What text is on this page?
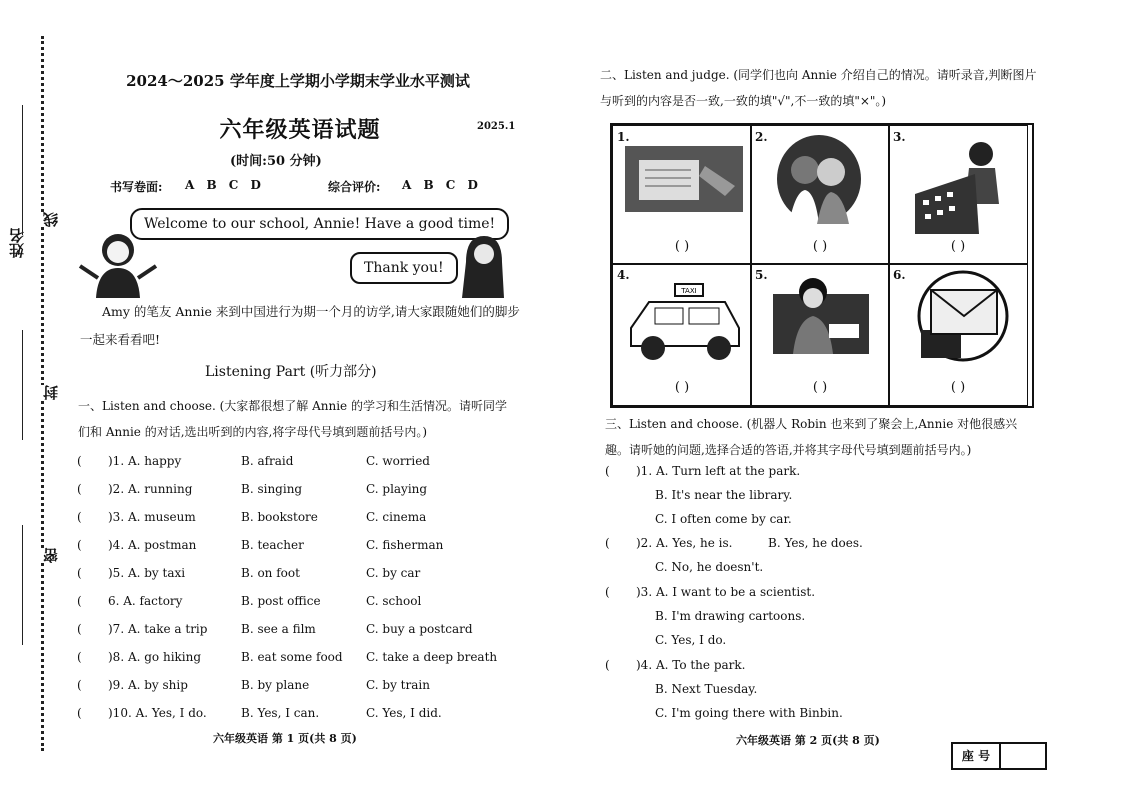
姓名
线
封
密
2024～2025 学年度上学期小学期末学业水平测试
六年级英语试题	2025.1
(时间:50 分钟)
书写卷面: A B C D	综合评价: A B C D
Welcome to our school, Annie! Have a good time!
Thank you!
Amy 的笔友 Annie 来到中国进行为期一个月的访学,请大家跟随她们的脚步一起来看看吧!
Listening Part (听力部分)
一、Listen and choose. (大家都很想了解 Annie 的学习和生活情况。请听同学们和 Annie 的对话,选出听到的内容,将字母代号填到题前括号内。)
( )1. A. happy	B. afraid	C. worried
( )2. A. running	B. singing	C. playing
( )3. A. museum	B. bookstore	C. cinema
( )4. A. postman	B. teacher	C. fisherman
( )5. A. by taxi	B. on foot	C. by car
( 6. A. factory	B. post office	C. school
( )7. A. take a trip	B. see a film	C. buy a postcard
( )8. A. go hiking	B. eat some food C. take a deep breath
( )9. A. by ship	B. by plane	C. by train
( )10. A. Yes, I do.	B. Yes, I can.	C. Yes, I did.
六年级英语 第 1 页(共 8 页)
二、Listen and judge. (同学们也向 Annie 介绍自己的情况。请听录音,判断图片与听到的内容是否一致,一致的填"√",不一致的填"×"。)
1.
( )
2.
( )
3.
( )
4.
TAXI
( )
5.
( )
6.
( )
三、Listen and choose. (机器人 Robin 也来到了聚会上,Annie 对他很感兴趣。请听她的问题,选择合适的答语,并将其字母代号填到题前括号内。)
( )1. A. Turn left at the park.
B. It's near the library.
C. I often come by car.
( )2. A. Yes, he is.	B. Yes, he does.
C. No, he doesn't.
( )3. A. I want to be a scientist.
B. I'm drawing cartoons.
C. Yes, I do.
( )4. A. To the park.
B. Next Tuesday.
C. I'm going there with Binbin.
六年级英语 第 2 页(共 8 页)
座 号
